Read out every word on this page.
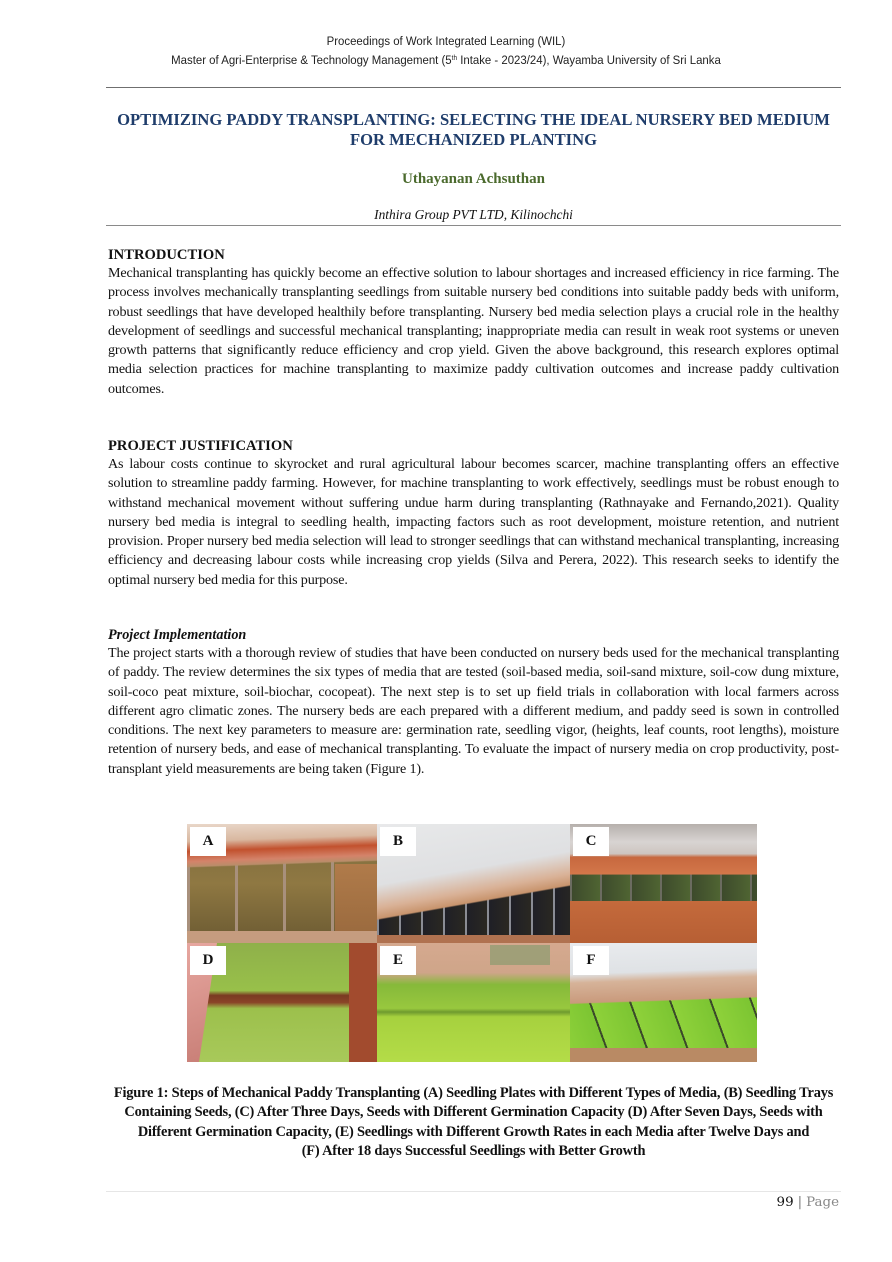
Proceedings of Work Integrated Learning (WIL)
Master of Agri-Enterprise & Technology Management (5th Intake - 2023/24), Wayamba University of Sri Lanka
OPTIMIZING PADDY TRANSPLANTING: SELECTING THE IDEAL NURSERY BED MEDIUM FOR MECHANIZED PLANTING
Uthayanan Achsuthan
Inthira Group PVT LTD, Kilinochchi
INTRODUCTION

Mechanical transplanting has quickly become an effective solution to labour shortages and increased efficiency in rice farming. The process involves mechanically transplanting seedlings from suitable nursery bed conditions into suitable paddy beds with uniform, robust seedlings that have developed healthily before transplanting. Nursery bed media selection plays a crucial role in the healthy development of seedlings and successful mechanical transplanting; inappropriate media can result in weak root systems or uneven growth patterns that significantly reduce efficiency and crop yield. Given the above background, this research explores optimal media selection practices for machine transplanting to maximize paddy cultivation outcomes and increase paddy cultivation outcomes.

PROJECT JUSTIFICATION

As labour costs continue to skyrocket and rural agricultural labour becomes scarcer, machine transplanting offers an effective solution to streamline paddy farming. However, for machine transplanting to work effectively, seedlings must be robust enough to withstand mechanical movement without suffering undue harm during transplanting (Rathnayake and Fernando,2021). Quality nursery bed media is integral to seedling health, impacting factors such as root development, moisture retention, and nutrient provision. Proper nursery bed media selection will lead to stronger seedlings that can withstand mechanical transplanting, increasing efficiency and decreasing labour costs while increasing crop yields (Silva and Perera, 2022). This research seeks to identify the optimal nursery bed media for this purpose.

Project Implementation

The project starts with a thorough review of studies that have been conducted on nursery beds used for the mechanical transplanting of paddy. The review determines the six types of media that are tested (soil-based media, soil-sand mixture, soil-cow dung mixture, soil-coco peat mixture, soil-biochar, cocopeat). The next step is to set up field trials in collaboration with local farmers across different agro climatic zones. The nursery beds are each prepared with a different medium, and paddy seed is sown in controlled conditions. The next key parameters to measure are: germination rate, seedling vigor, (heights, leaf counts, root lengths), moisture retention of nursery beds, and ease of mechanical transplanting. To evaluate the impact of nursery media on crop productivity, post-transplant yield measurements are being taken (Figure 1).

A	B	C
D	E	F
Figure 1: Steps of Mechanical Paddy Transplanting (A) Seedling Plates with Different Types of Media, (B) Seedling Trays Containing Seeds, (C) After Three Days, Seeds with Different Germination Capacity (D) After Seven Days, Seeds with Different Germination Capacity, (E) Seedlings with Different Growth Rates in each Media after Twelve Days and
(F) After 18 days Successful Seedlings with Better Growth
99 | Page
